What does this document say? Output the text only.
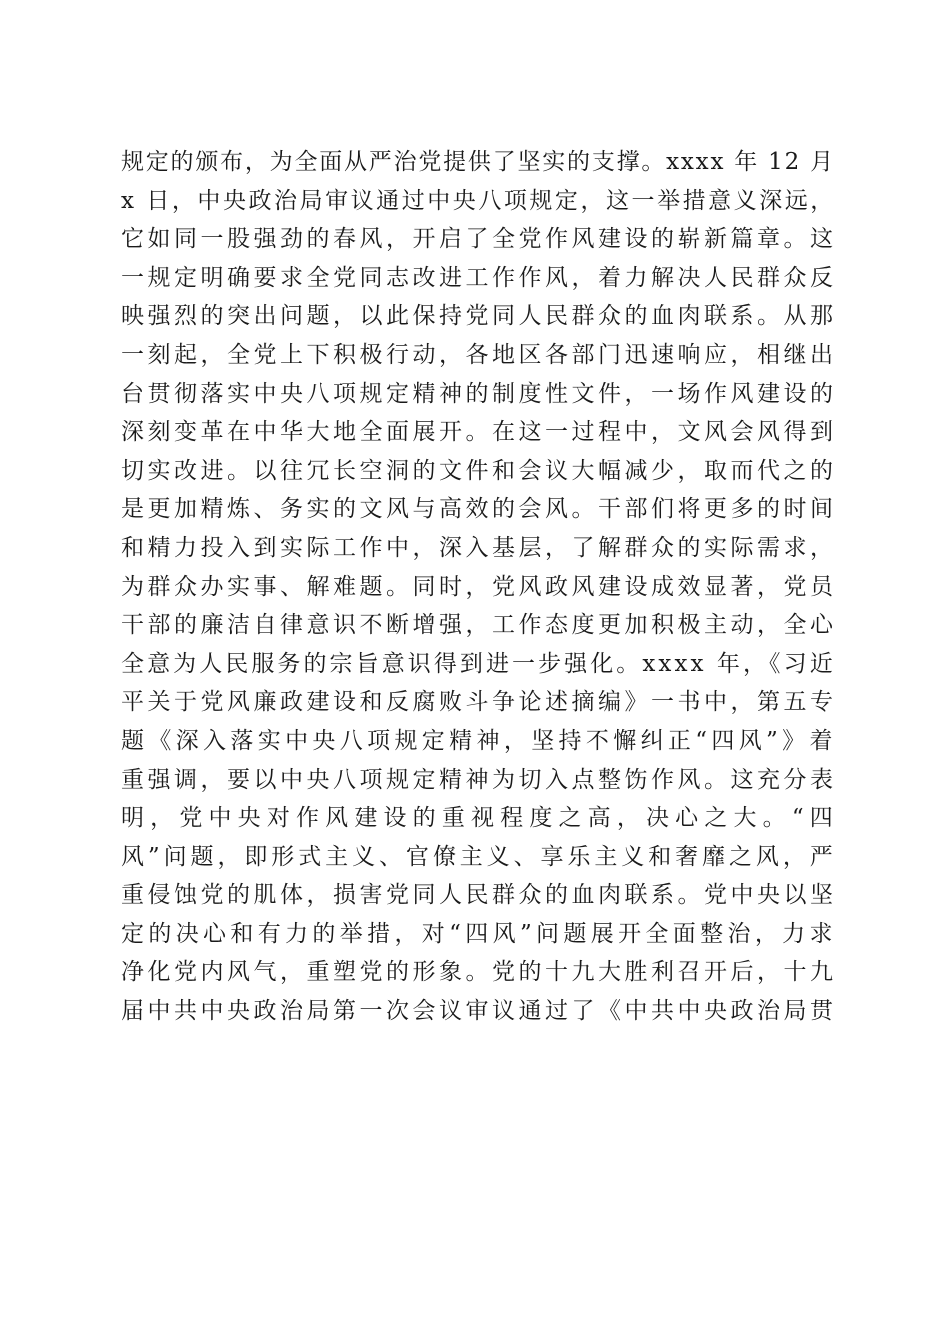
规定的颁布，为全面从严治党提供了坚实的支撑。xxxx 年 12 月
x 日，中央政治局审议通过中央八项规定，这一举措意义深远，
它如同一股强劲的春风，开启了全党作风建设的崭新篇章。这
一规定明确要求全党同志改进工作作风，着力解决人民群众反
映强烈的突出问题，以此保持党同人民群众的血肉联系。从那
一刻起，全党上下积极行动，各地区各部门迅速响应，相继出
台贯彻落实中央八项规定精神的制度性文件，一场作风建设的
深刻变革在中华大地全面展开。在这一过程中，文风会风得到
切实改进。以往冗长空洞的文件和会议大幅减少，取而代之的
是更加精炼、务实的文风与高效的会风。干部们将更多的时间
和精力投入到实际工作中，深入基层，了解群众的实际需求，
为群众办实事、解难题。同时，党风政风建设成效显著，党员
干部的廉洁自律意识不断增强，工作态度更加积极主动，全心
全意为人民服务的宗旨意识得到进一步强化。xxxx 年，《习近
平关于党风廉政建设和反腐败斗争论述摘编》一书中，第五专
题《深入落实中央八项规定精神，坚持不懈纠正“四风”》着
重强调，要以中央八项规定精神为切入点整饬作风。这充分表
明，党中央对作风建设的重视程度之高，决心之大。“四
风”问题，即形式主义、官僚主义、享乐主义和奢靡之风，严
重侵蚀党的肌体，损害党同人民群众的血肉联系。党中央以坚
定的决心和有力的举措，对“四风”问题展开全面整治，力求
净化党内风气，重塑党的形象。党的十九大胜利召开后，十九
届中共中央政治局第一次会议审议通过了《中共中央政治局贯
